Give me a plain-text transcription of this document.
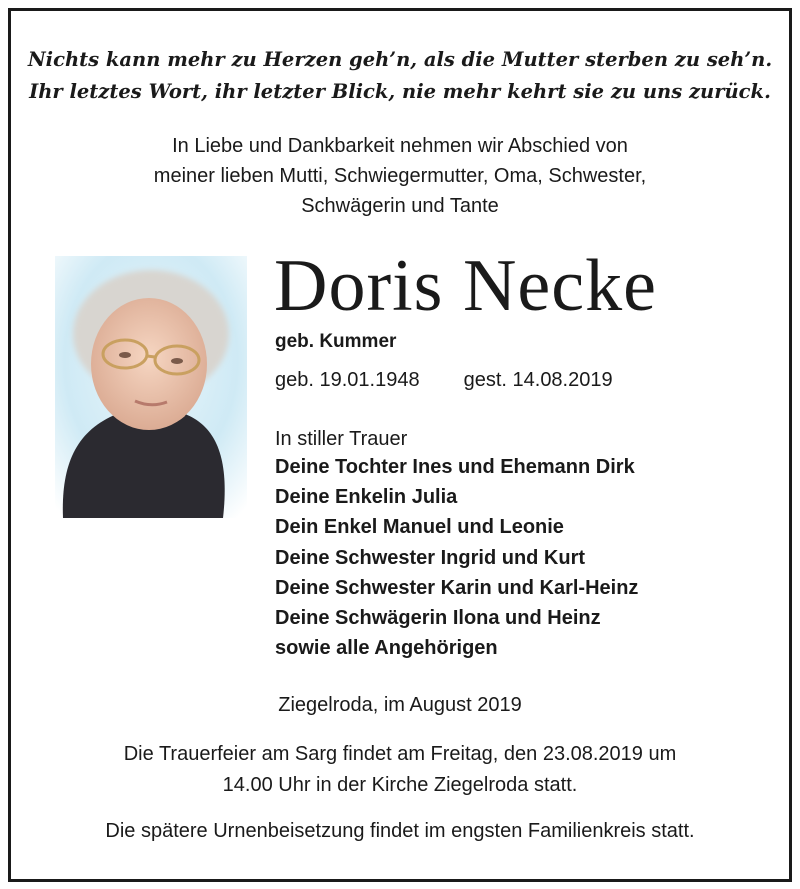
Nichts kann mehr zu Herzen geh’n, als die Mutter sterben zu seh’n.
Ihr letztes Wort, ihr letzter Blick, nie mehr kehrt sie zu uns zurück.
In Liebe und Dankbarkeit nehmen wir Abschied von
meiner lieben Mutti, Schwiegermutter, Oma, Schwester,
Schwägerin und Tante
Doris Necke
geb. Kummer
geb. 19.01.1948 gest. 14.08.2019
In stiller Trauer
Deine Tochter Ines und Ehemann Dirk
Deine Enkelin Julia
Dein Enkel Manuel und Leonie
Deine Schwester Ingrid und Kurt
Deine Schwester Karin und Karl-Heinz
Deine Schwägerin Ilona und Heinz
sowie alle Angehörigen
Ziegelroda, im August 2019
Die Trauerfeier am Sarg findet am Freitag, den 23.08.2019 um
14.00 Uhr in der Kirche Ziegelroda statt.
Die spätere Urnenbeisetzung findet im engsten Familienkreis statt.
